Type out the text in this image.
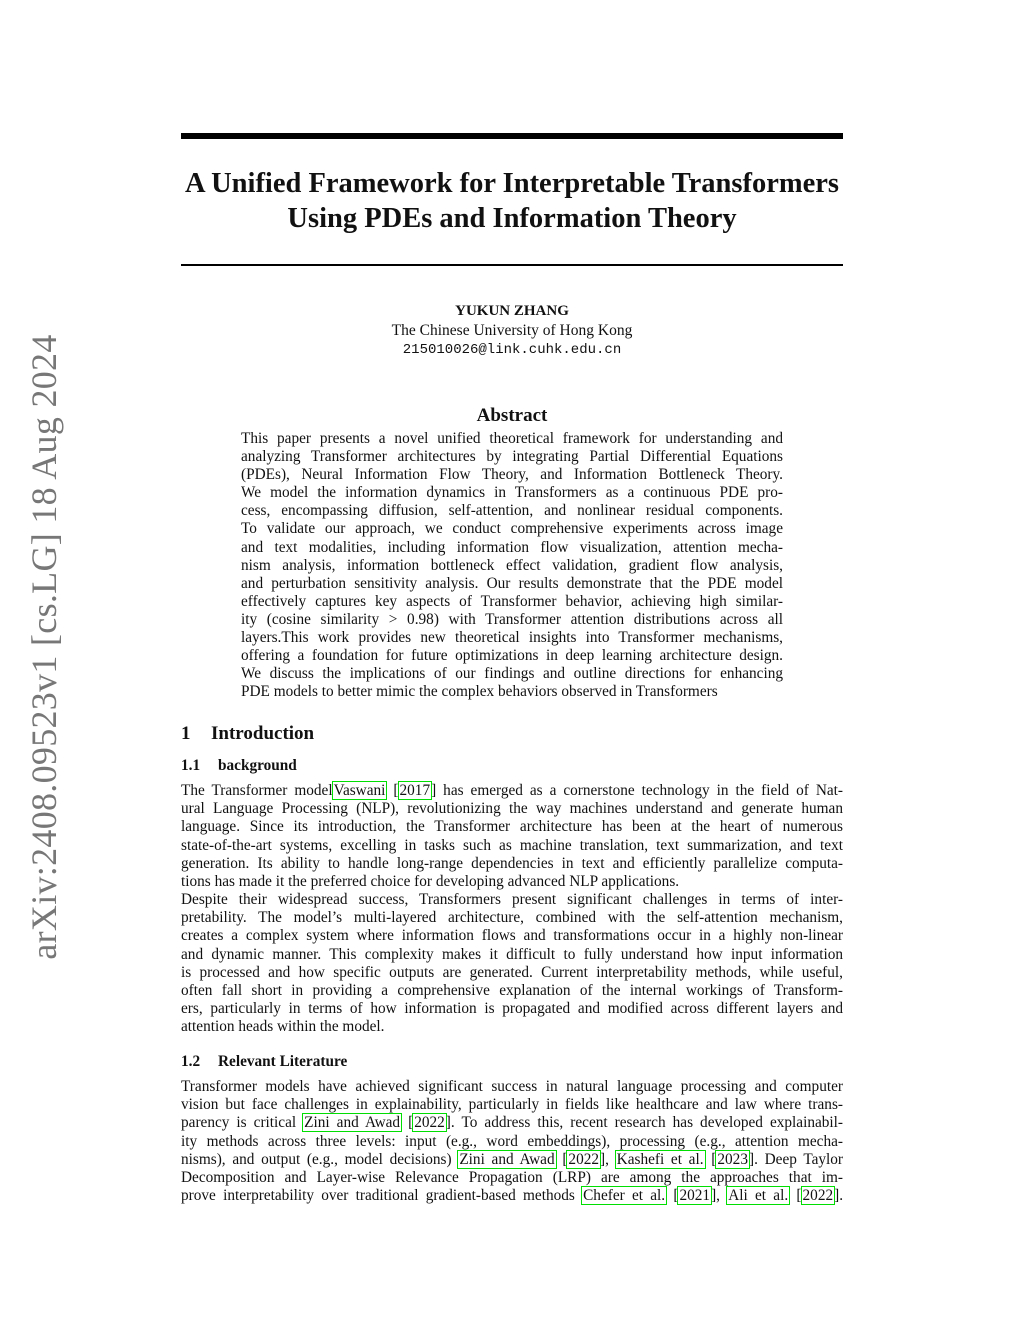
arXiv:2408.09523v1 [cs.LG] 18 Aug 2024
A Unified Framework for Interpretable Transformers
Using PDEs and Information Theory
YUKUN ZHANG
The Chinese University of Hong Kong
215010026@link.cuhk.edu.cn
Abstract
This paper presents a novel unified theoretical framework for understanding and
analyzing Transformer architectures by integrating Partial Differential Equations
(PDEs), Neural Information Flow Theory, and Information Bottleneck Theory.
We model the information dynamics in Transformers as a continuous PDE pro-
cess, encompassing diffusion, self-attention, and nonlinear residual components.
To validate our approach, we conduct comprehensive experiments across image
and text modalities, including information flow visualization, attention mecha-
nism analysis, information bottleneck effect validation, gradient flow analysis,
and perturbation sensitivity analysis. Our results demonstrate that the PDE model
effectively captures key aspects of Transformer behavior, achieving high similar-
ity (cosine similarity > 0.98) with Transformer attention distributions across all
layers.This work provides new theoretical insights into Transformer mechanisms,
offering a foundation for future optimizations in deep learning architecture design.
We discuss the implications of our findings and outline directions for enhancing
PDE models to better mimic the complex behaviors observed in Transformers
1 Introduction
1.1 background
The Transformer modelVaswani [2017] has emerged as a cornerstone technology in the field of Nat-
ural Language Processing (NLP), revolutionizing the way machines understand and generate human
language. Since its introduction, the Transformer architecture has been at the heart of numerous
state-of-the-art systems, excelling in tasks such as machine translation, text summarization, and text
generation. Its ability to handle long-range dependencies in text and efficiently parallelize computa-
tions has made it the preferred choice for developing advanced NLP applications.
Despite their widespread success, Transformers present significant challenges in terms of inter-
pretability. The model’s multi-layered architecture, combined with the self-attention mechanism,
creates a complex system where information flows and transformations occur in a highly non-linear
and dynamic manner. This complexity makes it difficult to fully understand how input information
is processed and how specific outputs are generated. Current interpretability methods, while useful,
often fall short in providing a comprehensive explanation of the internal workings of Transform-
ers, particularly in terms of how information is propagated and modified across different layers and
attention heads within the model.
1.2 Relevant Literature
Transformer models have achieved significant success in natural language processing and computer
vision but face challenges in explainability, particularly in fields like healthcare and law where trans-
parency is critical Zini and Awad [2022]. To address this, recent research has developed explainabil-
ity methods across three levels: input (e.g., word embeddings), processing (e.g., attention mecha-
nisms), and output (e.g., model decisions) Zini and Awad [2022], Kashefi et al. [2023]. Deep Taylor
Decomposition and Layer-wise Relevance Propagation (LRP) are among the approaches that im-
prove interpretability over traditional gradient-based methods Chefer et al. [2021], Ali et al. [2022].
